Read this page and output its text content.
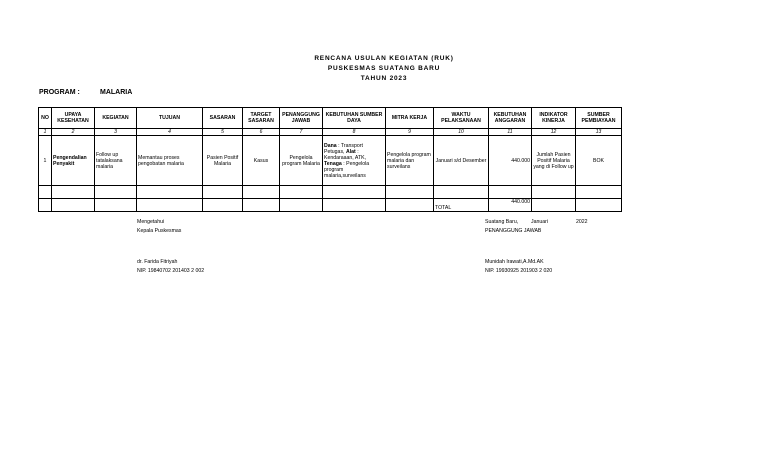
RENCANA USULAN KEGIATAN (RUK)
PUSKESMAS SUATANG BARU
TAHUN 2023
PROGRAM :	MALARIA
NO	UPAYA KESEHATAN	KEGIATAN	TUJUAN	SASARAN	TARGET SASARAN	PENANGGUNG JAWAB	KEBUTUHAN SUMBER DAYA	MITRA KERJA	WAKTU PELAKSANAAN	KEBUTUHAN ANGGARAN	INDIKATOR KINERJA	SUMBER PEMBIAYAAN
1	2	3	4	5	6	7	8	9	10	11	12	13
1	Pengendalian Penyakit	Follow up tatalaksana malaria	Memantau proses pengobatan malaria	Pasien Positif Malaria	Kasus	Pengelola program Malaria	Dana : Transport Petugas, Alat : Kendaraaan, ATK, Tenaga : Pengelola program malaria,surveilans	Pengelola program malaria dan surveilans	Januari s/d Desember	440.000	Jumlah Pasien Positif Malaria yang di Follow up	BOK

									TOTAL	440.000		
Mengetahui
Kepala Puskesmas
dr. Farida Fitriyah
NIP. 19840702 201403 2 002
Suatang Baru, Januari	2022
PENANGGUNG JAWAB
Munidah Irawati,A.Md.AK
NIP. 19930925 201903 2 020
